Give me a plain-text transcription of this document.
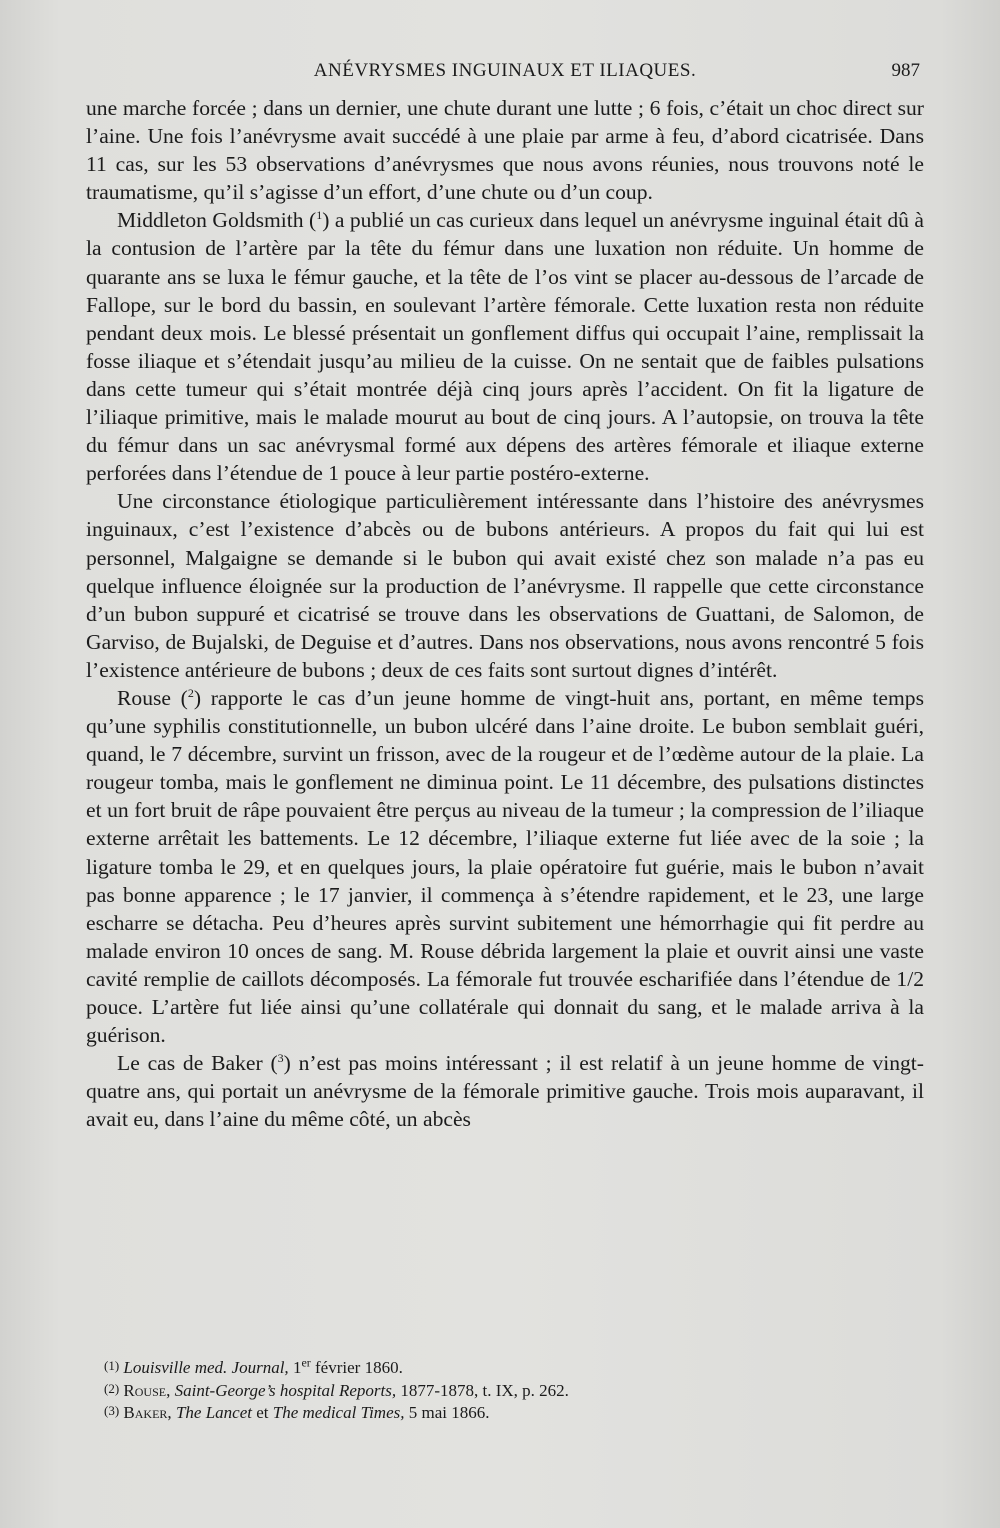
ANÉVRYSMES INGUINAUX ET ILIAQUES.	987

une marche forcée ; dans un dernier, une chute durant une lutte ; 6 fois, c’était un choc direct sur l’aine. Une fois l’anévrysme avait succédé à une plaie par arme à feu, d’abord cicatrisée. Dans 11 cas, sur les 53 observations d’anévrysmes que nous avons réunies, nous trouvons noté le traumatisme, qu’il s’agisse d’un effort, d’une chute ou d’un coup.

Middleton Goldsmith ($^1$) a publié un cas curieux dans lequel un anévrysme inguinal était dû à la contusion de l’artère par la tête du fémur dans une luxation non réduite. Un homme de quarante ans se luxa le fémur gauche, et la tête de l’os vint se placer au-dessous de l’arcade de Fallope, sur le bord du bassin, en soulevant l’artère fémorale. Cette luxation resta non réduite pendant deux mois. Le blessé présentait un gonflement diffus qui occupait l’aine, remplissait la fosse iliaque et s’étendait jusqu’au milieu de la cuisse. On ne sentait que de faibles pulsations dans cette tumeur qui s’était montrée déjà cinq jours après l’accident. On fit la ligature de l’iliaque primitive, mais le malade mourut au bout de cinq jours. A l’autopsie, on trouva la tête du fémur dans un sac anévrysmal formé aux dépens des artères fémorale et iliaque externe perforées dans l’étendue de 1 pouce à leur partie postéro-externe.

Une circonstance étiologique particulièrement intéressante dans l’histoire des anévrysmes inguinaux, c’est l’existence d’abcès ou de bubons antérieurs. A propos du fait qui lui est personnel, Malgaigne se demande si le bubon qui avait existé chez son malade n’a pas eu quelque influence éloignée sur la production de l’anévrysme. Il rappelle que cette circonstance d’un bubon suppuré et cicatrisé se trouve dans les observations de Guattani, de Salomon, de Garviso, de Bujalski, de Deguise et d’autres. Dans nos observations, nous avons rencontré 5 fois l’existence antérieure de bubons ; deux de ces faits sont surtout dignes d’intérêt.

Rouse ($^2$) rapporte le cas d’un jeune homme de vingt-huit ans, portant, en même temps qu’une syphilis constitutionnelle, un bubon ulcéré dans l’aine droite. Le bubon semblait guéri, quand, le 7 décembre, survint un frisson, avec de la rougeur et de l’œdème autour de la plaie. La rougeur tomba, mais le gonflement ne diminua point. Le 11 décembre, des pulsations distinctes et un fort bruit de râpe pouvaient être perçus au niveau de la tumeur ; la compression de l’iliaque externe arrêtait les battements. Le 12 décembre, l’iliaque externe fut liée avec de la soie ; la ligature tomba le 29, et en quelques jours, la plaie opératoire fut guérie, mais le bubon n’avait pas bonne apparence ; le 17 janvier, il commença à s’étendre rapidement, et le 23, une large escharre se détacha. Peu d’heures après survint subitement une hémorrhagie qui fit perdre au malade environ 10 onces de sang. M. Rouse débrida largement la plaie et ouvrit ainsi une vaste cavité remplie de caillots décomposés. La fémorale fut trouvée escharifiée dans l’étendue de 1/2 pouce. L’artère fut liée ainsi qu’une collatérale qui donnait du sang, et le malade arriva à la guérison.

Le cas de Baker ($^3$) n’est pas moins intéressant ; il est relatif à un jeune homme de vingt-quatre ans, qui portait un anévrysme de la fémorale primitive gauche. Trois mois auparavant, il avait eu, dans l’aine du même côté, un abcès

(1) Louisville med. Journal, 1er février 1860.

(2) Rouse, Saint-George’s hospital Reports, 1877-1878, t. IX, p. 262.

(3) Baker, The Lancet et The medical Times, 5 mai 1866.
